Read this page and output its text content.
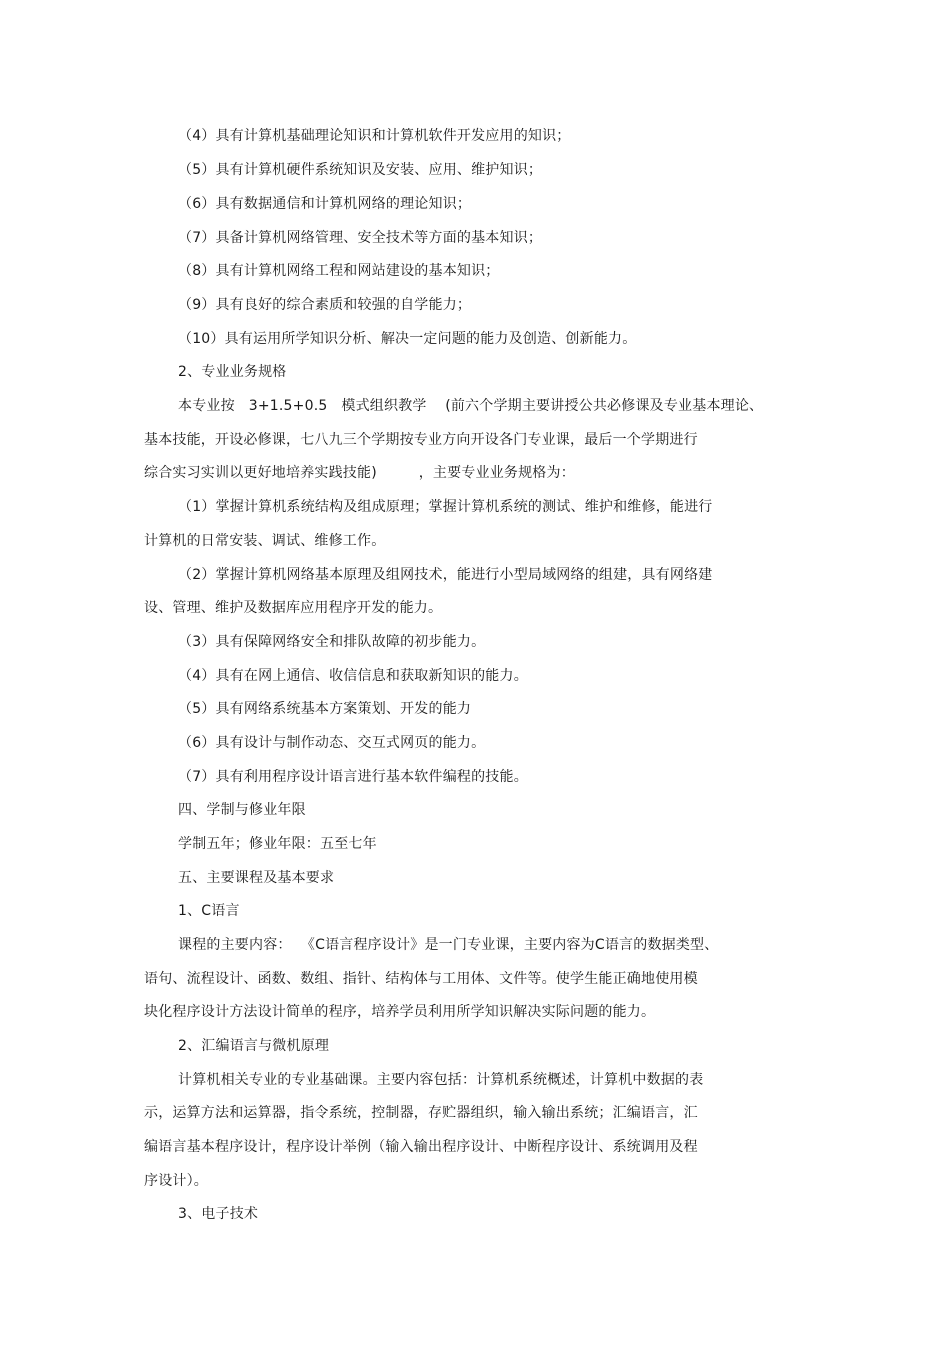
（4）具有计算机基础理论知识和计算机软件开发应用的知识；
（5）具有计算机硬件系统知识及安装、应用、维护知识；
（6）具有数据通信和计算机网络的理论知识；
（7）具备计算机网络管理、安全技术等方面的基本知识；
（8）具有计算机网络工程和网站建设的基本知识；
（9）具有良好的综合素质和较强的自学能力；
（10）具有运用所学知识分析、解决一定问题的能力及创造、创新能力。
2、专业业务规格
本专业按   3+1.5+0.5   模式组织教学    (前六个学期主要讲授公共必修课及专业基本理论、
基本技能，开设必修课，七八九三个学期按专业方向开设各门专业课，最后一个学期进行
综合实习实训以更好地培养实践技能)         ，主要专业业务规格为：
（1）掌握计算机系统结构及组成原理；掌握计算机系统的测试、维护和维修，能进行
计算机的日常安装、调试、维修工作。
（2）掌握计算机网络基本原理及组网技术，能进行小型局域网络的组建，具有网络建
设、管理、维护及数据库应用程序开发的能力。
（3）具有保障网络安全和排队故障的初步能力。
（4）具有在网上通信、收信信息和获取新知识的能力。
（5）具有网络系统基本方案策划、开发的能力
（6）具有设计与制作动态、交互式网页的能力。
（7）具有利用程序设计语言进行基本软件编程的技能。
四、学制与修业年限
学制五年；修业年限：五至七年
五、主要课程及基本要求
1、C语言
课程的主要内容：  《C语言程序设计》是一门专业课，主要内容为C语言的数据类型、
语句、流程设计、函数、数组、指针、结构体与工用体、文件等。使学生能正确地使用模
块化程序设计方法设计简单的程序，培养学员利用所学知识解决实际问题的能力。
2、汇编语言与微机原理
计算机相关专业的专业基础课。主要内容包括：计算机系统概述，计算机中数据的表
示，运算方法和运算器，指令系统，控制器，存贮器组织，输入输出系统；汇编语言，汇
编语言基本程序设计，程序设计举例（输入输出程序设计、中断程序设计、系统调用及程
序设计）。
3、电子技术
